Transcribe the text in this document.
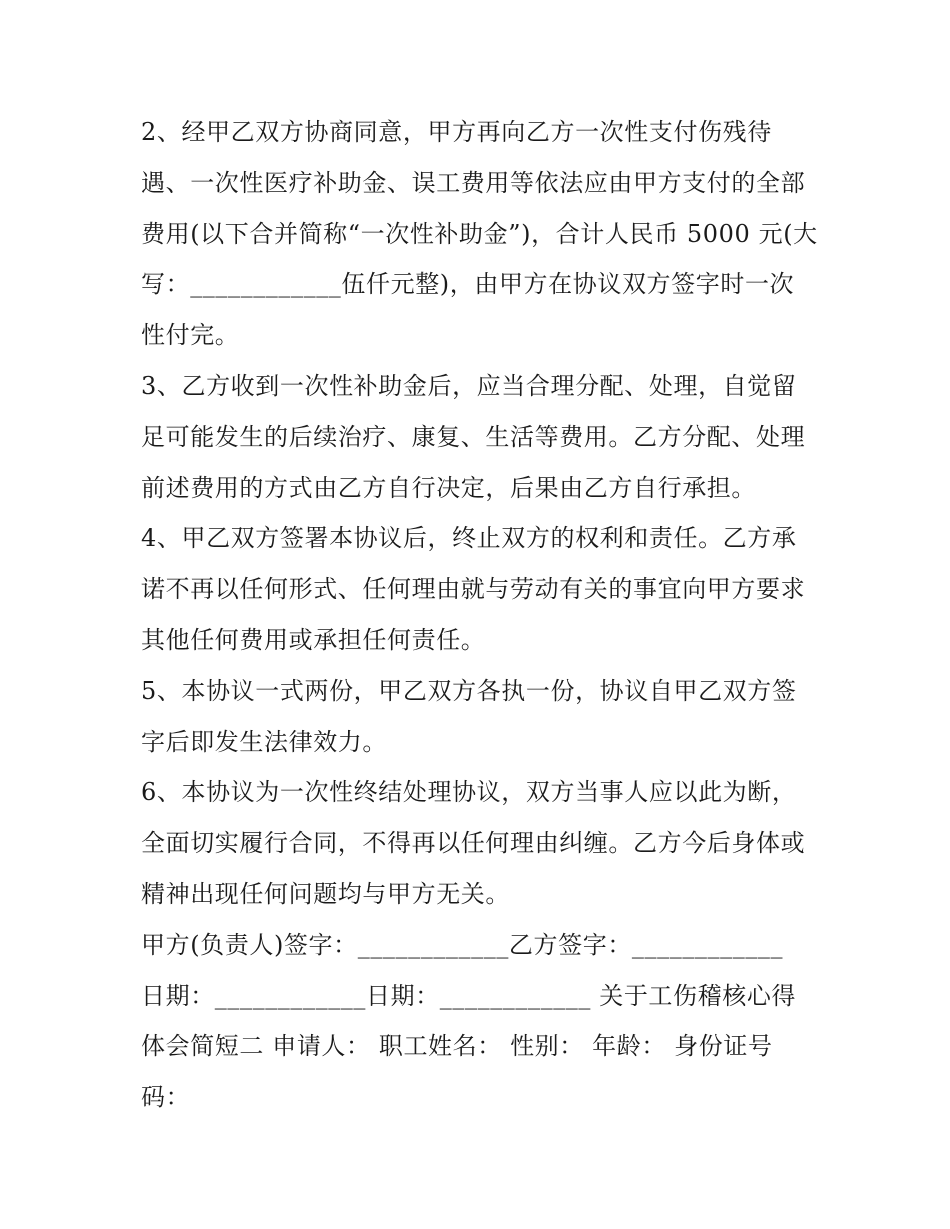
2、经甲乙双方协商同意，甲方再向乙方一次性支付伤残待
遇、一次性医疗补助金、误工费用等依法应由甲方支付的全部
费用(以下合并简称“一次性补助金”)，合计人民币 5000 元(大
写：____________伍仟元整)，由甲方在协议双方签字时一次
性付完。
3、乙方收到一次性补助金后，应当合理分配、处理，自觉留
足可能发生的后续治疗、康复、生活等费用。乙方分配、处理
前述费用的方式由乙方自行决定，后果由乙方自行承担。
4、甲乙双方签署本协议后，终止双方的权利和责任。乙方承
诺不再以任何形式、任何理由就与劳动有关的事宜向甲方要求
其他任何费用或承担任何责任。
5、本协议一式两份，甲乙双方各执一份，协议自甲乙双方签
字后即发生法律效力。
6、本协议为一次性终结处理协议，双方当事人应以此为断，
全面切实履行合同，不得再以任何理由纠缠。乙方今后身体或
精神出现任何问题均与甲方无关。
甲方(负责人)签字：____________乙方签字：____________
日期：____________日期：____________ 关于工伤稽核心得
体会简短二 申请人： 职工姓名： 性别： 年龄： 身份证号
码：
